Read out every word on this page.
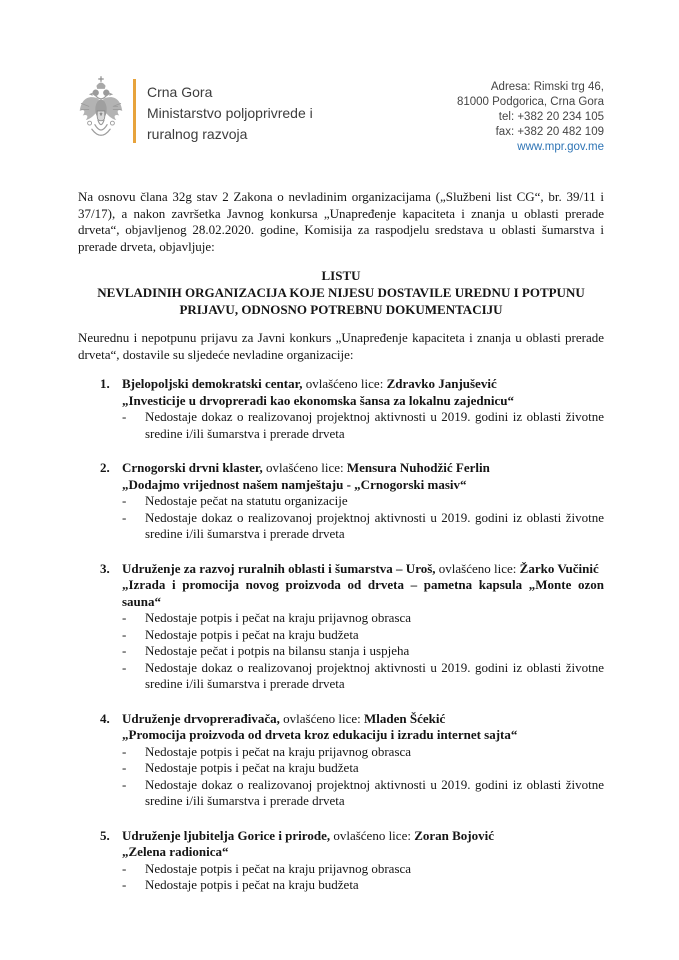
Crna Gora
Ministarstvo poljoprivrede i
ruralnog razvoja
Adresa: Rimski trg 46,
81000 Podgorica, Crna Gora
tel: +382 20 234 105
fax: +382 20 482 109
www.mpr.gov.me

Na osnovu člana 32g stav 2 Zakona o nevladinim organizacijama („Službeni list CG“, br. 39/11 i 37/17), a nakon završetka Javnog konkursa „Unapređenje kapaciteta i znanja u oblasti prerade drveta“, objavljenog 28.02.2020. godine, Komisija za raspodjelu sredstava u oblasti šumarstva i prerade drveta, objavljuje:

LISTU
NEVLADINIH ORGANIZACIJA KOJE NIJESU DOSTAVILE UREDNU I POTPUNU PRIJAVU, ODNOSNO POTREBNU DOKUMENTACIJU

Neurednu i nepotpunu prijavu za Javni konkurs „Unapređenje kapaciteta i znanja u oblasti prerade drveta“, dostavile su sljedeće nevladine organizacije:

1. Bjelopoljski demokratski centar, ovlašćeno lice: Zdravko Janjušević
„Investicije u drvopreradi kao ekonomska šansa za lokalnu zajednicu“
-	Nedostaje dokaz o realizovanoj projektnoj aktivnosti u 2019. godini iz oblasti životne sredine i/ili šumarstva i prerade drveta
2. Crnogorski drvni klaster, ovlašćeno lice: Mensura Nuhodžić Ferlin
„Dodajmo vrijednost našem namještaju - „Crnogorski masiv“
-	Nedostaje pečat na statutu organizacije
-	Nedostaje dokaz o realizovanoj projektnoj aktivnosti u 2019. godini iz oblasti životne sredine i/ili šumarstva i prerade drveta
3. Udruženje za razvoj ruralnih oblasti i šumarstva – Uroš, ovlašćeno lice: Žarko Vučinić
„Izrada i promocija novog proizvoda od drveta – pametna kapsula „Monte ozon sauna“
-	Nedostaje potpis i pečat na kraju prijavnog obrasca
-	Nedostaje potpis i pečat na kraju budžeta
-	Nedostaje pečat i potpis na bilansu stanja i uspjeha
-	Nedostaje dokaz o realizovanoj projektnoj aktivnosti u 2019. godini iz oblasti životne sredine i/ili šumarstva i prerade drveta
4. Udruženje drvoprerađivača, ovlašćeno lice: Mladen Šćekić
„Promocija proizvoda od drveta kroz edukaciju i izradu internet sajta“
-	Nedostaje potpis i pečat na kraju prijavnog obrasca
-	Nedostaje potpis i pečat na kraju budžeta
-	Nedostaje dokaz o realizovanoj projektnoj aktivnosti u 2019. godini iz oblasti životne sredine i/ili šumarstva i prerade drveta
5. Udruženje ljubitelja Gorice i prirode, ovlašćeno lice: Zoran Bojović
„Zelena radionica“
-	Nedostaje potpis i pečat na kraju prijavnog obrasca
-	Nedostaje potpis i pečat na kraju budžeta
